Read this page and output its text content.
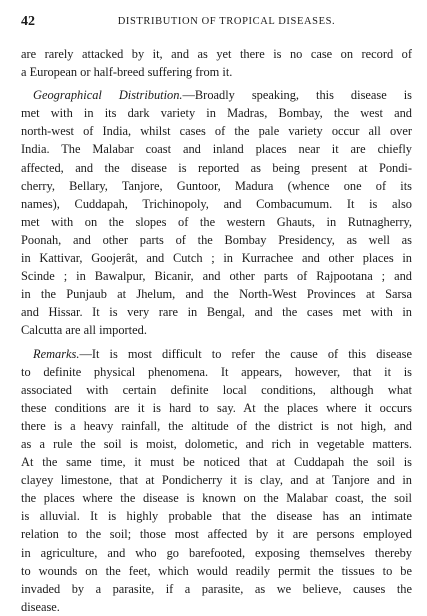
42	DISTRIBUTION OF TROPICAL DISEASES.
are rarely attacked by it, and as yet there is no case on record of
a European or half-breed suffering from it.
Geographical Distribution.—Broadly speaking, this disease is
met with in its dark variety in Madras, Bombay, the west and
north-west of India, whilst cases of the pale variety occur all over
India. The Malabar coast and inland places near it are chiefly
affected, and the disease is reported as being present at Pondi-
cherry, Bellary, Tanjore, Guntoor, Madura (whence one of its
names), Cuddapah, Trichinopoly, and Combacumum. It is also
met with on the slopes of the western Ghauts, in Rutnagherry,
Poonah, and other parts of the Bombay Presidency, as well as
in Kattivar, Goojerât, and Cutch ; in Kurrachee and other places in
Scinde ; in Bawalpur, Bicanir, and other parts of Rajpootana ; and
in the Punjaub at Jhelum, and the North-West Provinces at Sarsa
and Hissar. It is very rare in Bengal, and the cases met with in
Calcutta are all imported.
Remarks.—It is most difficult to refer the cause of this disease
to definite physical phenomena. It appears, however, that it is
associated with certain definite local conditions, although what
these conditions are it is hard to say. At the places where it occurs
there is a heavy rainfall, the altitude of the district is not high, and
as a rule the soil is moist, dolometic, and rich in vegetable matters.
At the same time, it must be noticed that at Cuddapah the soil is
clayey limestone, that at Pondicherry it is clay, and at Tanjore and in
the places where the disease is known on the Malabar coast, the soil
is alluvial. It is highly probable that the disease has an intimate
relation to the soil; those most affected by it are persons employed
in agriculture, and who go barefooted, exposing themselves thereby
to wounds on the feet, which would readily permit the tissues to be
invaded by a parasite, if a parasite, as we believe, causes the
disease.
